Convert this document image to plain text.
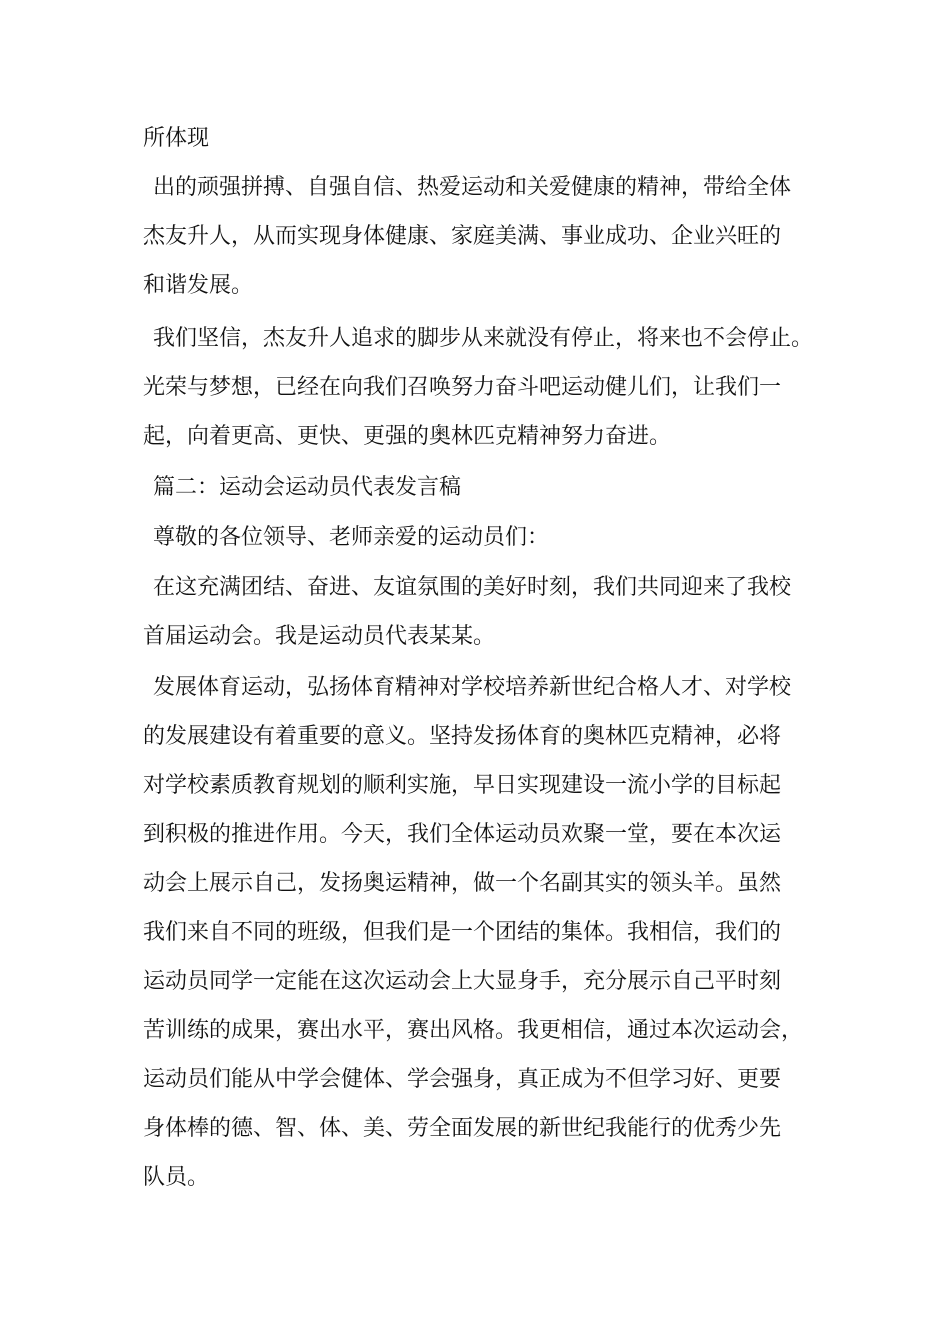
所体现

出的顽强拼搏、自强自信、热爱运动和关爱健康的精神，带给全体

杰友升人，从而实现身体健康、家庭美满、事业成功、企业兴旺的

和谐发展。

我们坚信，杰友升人追求的脚步从来就没有停止，将来也不会停止。

光荣与梦想，已经在向我们召唤努力奋斗吧运动健儿们，让我们一

起，向着更高、更快、更强的奥林匹克精神努力奋进。

篇二：运动会运动员代表发言稿

尊敬的各位领导、老师亲爱的运动员们：

在这充满团结、奋进、友谊氛围的美好时刻，我们共同迎来了我校

首届运动会。我是运动员代表某某。

发展体育运动，弘扬体育精神对学校培养新世纪合格人才、对学校

的发展建设有着重要的意义。坚持发扬体育的奥林匹克精神，必将

对学校素质教育规划的顺利实施，早日实现建设一流小学的目标起

到积极的推进作用。今天，我们全体运动员欢聚一堂，要在本次运

动会上展示自己，发扬奥运精神，做一个名副其实的领头羊。虽然

我们来自不同的班级，但我们是一个团结的集体。我相信，我们的

运动员同学一定能在这次运动会上大显身手，充分展示自己平时刻

苦训练的成果，赛出水平，赛出风格。我更相信，通过本次运动会，

运动员们能从中学会健体、学会强身，真正成为不但学习好、更要

身体棒的德、智、体、美、劳全面发展的新世纪我能行的优秀少先

队员。
